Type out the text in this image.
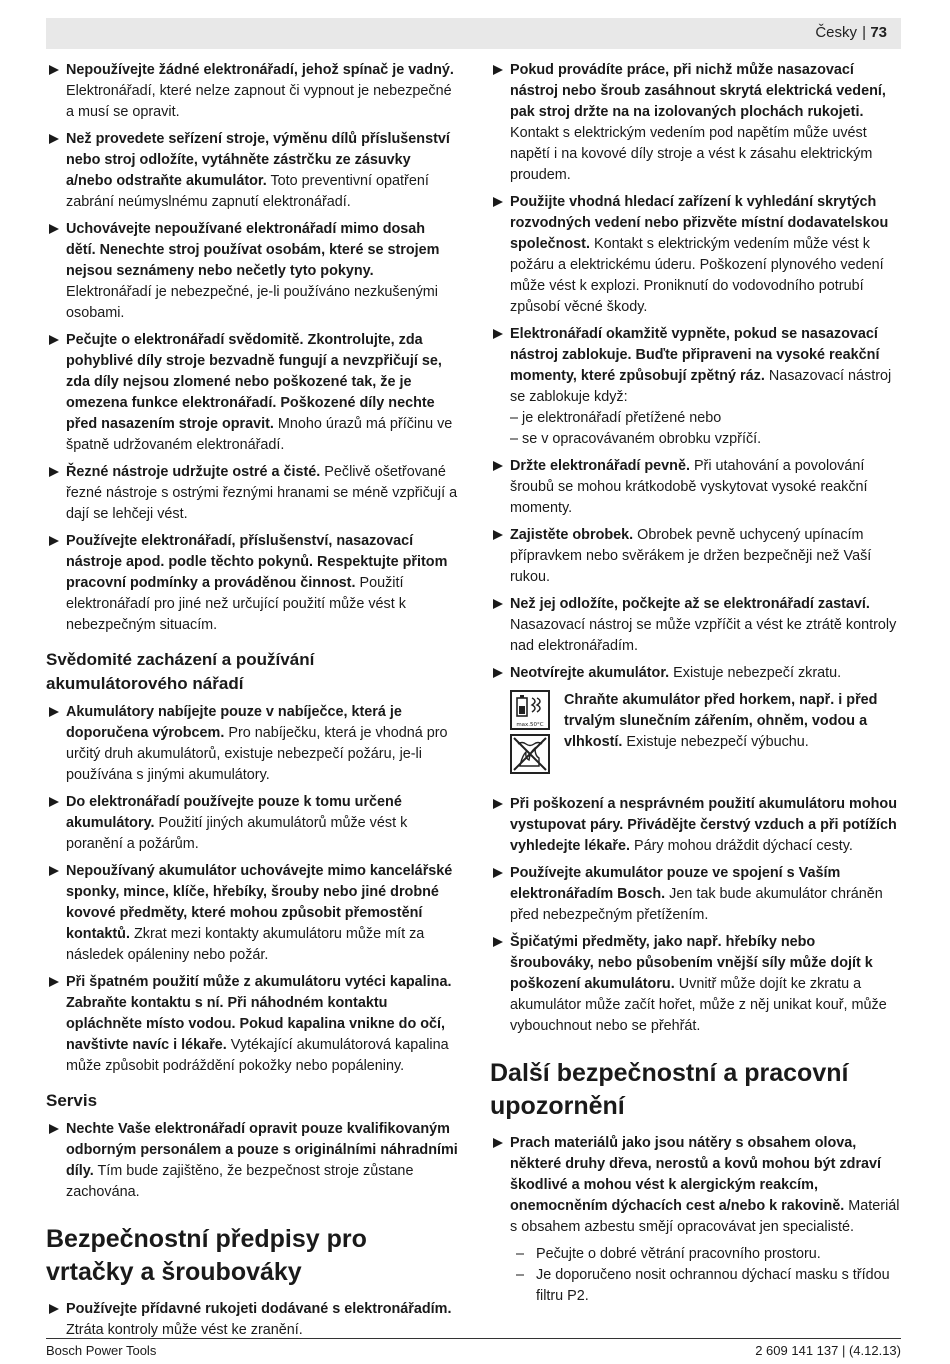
Česky | 73
Nepoužívejte žádné elektronářadí, jehož spínač je vadný. Elektronářadí, které nelze zapnout či vypnout je nebezpečné a musí se opravit.
Než provedete seřízení stroje, výměnu dílů příslušenství nebo stroj odložíte, vytáhněte zástrčku ze zásuvky a/nebo odstraňte akumulátor. Toto preventivní opatření zabrání neúmyslnému zapnutí elektronářadí.
Uchovávejte nepoužívané elektronářadí mimo dosah dětí. Nenechte stroj používat osobám, které se strojem nejsou seznámeny nebo nečetly tyto pokyny. Elektronářadí je nebezpečné, je-li používáno nezkušenými osobami.
Pečujte o elektronářadí svědomitě. Zkontrolujte, zda pohyblivé díly stroje bezvadně fungují a nevzpřičují se, zda díly nejsou zlomené nebo poškozené tak, že je omezena funkce elektronářadí. Poškozené díly nechte před nasazením stroje opravit. Mnoho úrazů má příčinu ve špatně udržovaném elektronářadí.
Řezné nástroje udržujte ostré a čisté. Pečlivě ošetřované řezné nástroje s ostrými řeznými hranami se méně vzpřičují a dají se lehčeji vést.
Používejte elektronářadí, příslušenství, nasazovací nástroje apod. podle těchto pokynů. Respektujte přitom pracovní podmínky a prováděnou činnost. Použití elektronářadí pro jiné než určující použití může vést k nebezpečným situacím.
Svědomité zacházení a používání akumulátorového nářadí
Akumulátory nabíjejte pouze v nabíječce, která je doporučena výrobcem. Pro nabíječku, která je vhodná pro určitý druh akumulátorů, existuje nebezpečí požáru, je-li používána s jinými akumulátory.
Do elektronářadí používejte pouze k tomu určené akumulátory. Použití jiných akumulátorů může vést k poranění a požárům.
Nepoužívaný akumulátor uchovávejte mimo kancelářské sponky, mince, klíče, hřebíky, šrouby nebo jiné drobné kovové předměty, které mohou způsobit přemostění kontaktů. Zkrat mezi kontakty akumulátoru může mít za následek opáleniny nebo požár.
Při špatném použití může z akumulátoru vytéci kapalina. Zabraňte kontaktu s ní. Při náhodném kontaktu opláchněte místo vodou. Pokud kapalina vnikne do očí, navštivte navíc i lékaře. Vytékající akumulátorová kapalina může způsobit podráždění pokožky nebo popáleniny.
Servis
Nechte Vaše elektronářadí opravit pouze kvalifikovaným odborným personálem a pouze s originálními náhradními díly. Tím bude zajištěno, že bezpečnost stroje zůstane zachována.
Bezpečnostní předpisy pro vrtačky a šroubováky
Používejte přídavné rukojeti dodávané s elektronářadím. Ztráta kontroly může vést ke zranění.
Pokud provádíte práce, při nichž může nasazovací nástroj nebo šroub zasáhnout skrytá elektrická vedení, pak stroj držte na na izolovaných plochách rukojeti. Kontakt s elektrickým vedením pod napětím může uvést napětí i na kovové díly stroje a vést k zásahu elektrickým proudem.
Použijte vhodná hledací zařízení k vyhledání skrytých rozvodných vedení nebo přizvěte místní dodavatelskou společnost. Kontakt s elektrickým vedením může vést k požáru a elektrickému úderu. Poškození plynového vedení může vést k explozi. Proniknutí do vodovodního potrubí způsobí věcné škody.
Elektronářadí okamžitě vypněte, pokud se nasazovací nástroj zablokuje. Buďte připraveni na vysoké reakční momenty, které způsobují zpětný ráz. Nasazovací nástroj se zablokuje když:
– je elektronářadí přetížené nebo
– se v opracovávaném obrobku vzpříčí.
Držte elektronářadí pevně. Při utahování a povolování šroubů se mohou krátkodobě vyskytovat vysoké reakční momenty.
Zajistěte obrobek. Obrobek pevně uchycený upínacím přípravkem nebo svěrákem je držen bezpečněji než Vaší rukou.
Než jej odložíte, počkejte až se elektronářadí zastaví. Nasazovací nástroj se může vzpříčit a vést ke ztrátě kontroly nad elektronářadím.
Neotvírejte akumulátor. Existuje nebezpečí zkratu.
max.50°C
Chraňte akumulátor před horkem, např. i před trvalým slunečním zářením, ohněm, vodou a vlhkostí. Existuje nebezpečí výbuchu.
Při poškození a nesprávném použití akumulátoru mohou vystupovat páry. Přivádějte čerstvý vzduch a při potížích vyhledejte lékaře. Páry mohou dráždit dýchací cesty.
Používejte akumulátor pouze ve spojení s Vaším elektronářadím Bosch. Jen tak bude akumulátor chráněn před nebezpečným přetížením.
Špičatými předměty, jako např. hřebíky nebo šroubováky, nebo působením vnější síly může dojít k poškození akumulátoru. Uvnitř může dojít ke zkratu a akumulátor může začít hořet, může z něj unikat kouř, může vybouchnout nebo se přehřát.
Další bezpečnostní a pracovní upozornění
Prach materiálů jako jsou nátěry s obsahem olova, některé druhy dřeva, nerostů a kovů mohou být zdraví škodlivé a mohou vést k alergickým reakcím, onemocněním dýchacích cest a/nebo k rakovině. Materiál s obsahem azbestu smějí opracovávat jen specialisté.
– Pečujte o dobré větrání pracovního prostoru.
– Je doporučeno nosit ochrannou dýchací masku s třídou filtru P2.
Bosch Power Tools	2 609 141 137 | (4.12.13)
